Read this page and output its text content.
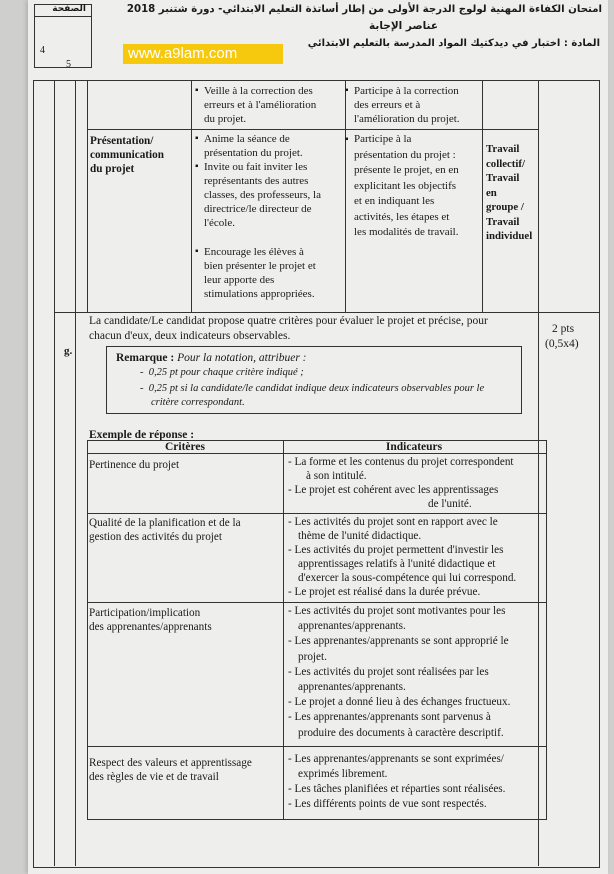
امتحان الكفاءة المهنية لولوج الدرجة الأولى من إطار أساتذة التعليم الابتدائي- دورة شتنبر 2018
عناصر الإجابة
المادة : اختبار في ديدكتيك المواد المدرسة بالتعليم الابتدائي
الصفحة
4
5
www.a9lam.com
▪ Veille à la correction des
erreurs et à l'amélioration
du projet.
▪ Participe à la correction
des erreurs et à
l'amélioration du projet.
Présentation/
communication
du projet
▪ Anime la séance de
présentation du projet.
▪ Invite ou fait inviter les
représentants des autres
classes, des professeurs, la
directrice/le directeur de
l'école.
▪ Encourage les élèves à
bien présenter le projet et
leur apporte des
stimulations appropriées.
▪ Participe à la
présentation du projet :
présente le projet, en en
explicitant les objectifs
et en indiquant les
activités, les étapes et
les modalités de travail.
Travail
collectif/
Travail
en
groupe /
Travail
individuel
g.
La candidate/Le candidat propose quatre critères pour évaluer le projet et précise, pour
chacun d'eux, deux indicateurs observables.
2 pts
(0,5x4)
Remarque : Pour la notation, attribuer :
-  0,25 pt pour chaque critère indiqué ;
-  0,25 pt si la candidate/le candidat indique deux indicateurs observables pour le
critère correspondant.
Exemple de réponse :
Critères	Indicateurs
Pertinence du projet	- La forme et les contenus du projet correspondent
à son intitulé.
- Le projet est cohérent avec les apprentissages
de l'unité.
Qualité de la planification et de la
gestion des activités du projet
- Les activités du projet sont en rapport avec le
thème de l'unité didactique.
- Les activités du projet permettent d'investir les
apprentissages relatifs à l'unité didactique et
d'exercer la sous-compétence qui lui correspond.
- Le projet est réalisé dans la durée prévue.
Participation/implication
des apprenantes/apprenants
- Les activités du projet sont motivantes pour les
apprenantes/apprenants.
- Les apprenantes/apprenants se sont approprié le
projet.
- Les activités du projet sont réalisées par les
apprenantes/apprenants.
- Le projet a donné lieu à des échanges fructueux.
- Les apprenantes/apprenants sont parvenus à
produire des documents à caractère descriptif.
Respect des valeurs et apprentissage
des règles de vie et de travail
- Les apprenantes/apprenants se sont exprimées/
exprimés librement.
- Les tâches planifiées et réparties sont réalisées.
- Les différents points de vue sont respectés.
